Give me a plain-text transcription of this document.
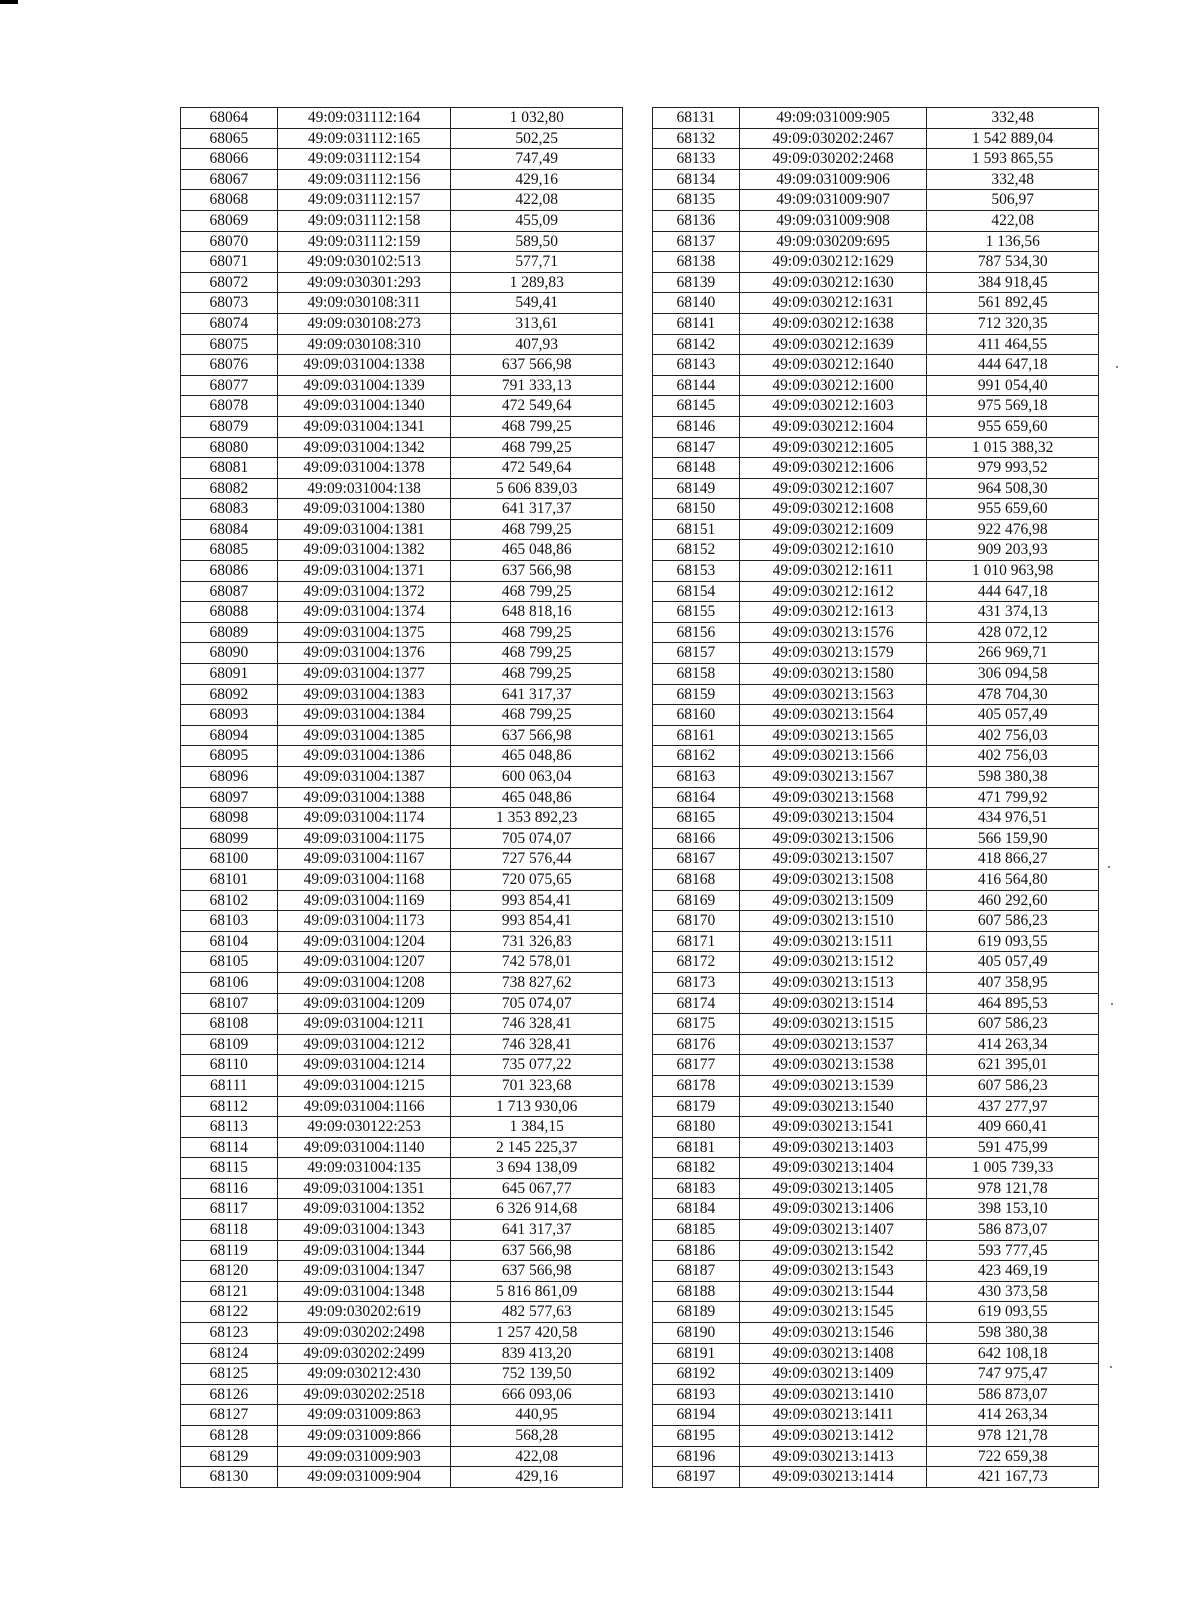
68064	49:09:031112:164	1 032,80
68065	49:09:031112:165	502,25
68066	49:09:031112:154	747,49
68067	49:09:031112:156	429,16
68068	49:09:031112:157	422,08
68069	49:09:031112:158	455,09
68070	49:09:031112:159	589,50
68071	49:09:030102:513	577,71
68072	49:09:030301:293	1 289,83
68073	49:09:030108:311	549,41
68074	49:09:030108:273	313,61
68075	49:09:030108:310	407,93
68076	49:09:031004:1338	637 566,98
68077	49:09:031004:1339	791 333,13
68078	49:09:031004:1340	472 549,64
68079	49:09:031004:1341	468 799,25
68080	49:09:031004:1342	468 799,25
68081	49:09:031004:1378	472 549,64
68082	49:09:031004:138	5 606 839,03
68083	49:09:031004:1380	641 317,37
68084	49:09:031004:1381	468 799,25
68085	49:09:031004:1382	465 048,86
68086	49:09:031004:1371	637 566,98
68087	49:09:031004:1372	468 799,25
68088	49:09:031004:1374	648 818,16
68089	49:09:031004:1375	468 799,25
68090	49:09:031004:1376	468 799,25
68091	49:09:031004:1377	468 799,25
68092	49:09:031004:1383	641 317,37
68093	49:09:031004:1384	468 799,25
68094	49:09:031004:1385	637 566,98
68095	49:09:031004:1386	465 048,86
68096	49:09:031004:1387	600 063,04
68097	49:09:031004:1388	465 048,86
68098	49:09:031004:1174	1 353 892,23
68099	49:09:031004:1175	705 074,07
68100	49:09:031004:1167	727 576,44
68101	49:09:031004:1168	720 075,65
68102	49:09:031004:1169	993 854,41
68103	49:09:031004:1173	993 854,41
68104	49:09:031004:1204	731 326,83
68105	49:09:031004:1207	742 578,01
68106	49:09:031004:1208	738 827,62
68107	49:09:031004:1209	705 074,07
68108	49:09:031004:1211	746 328,41
68109	49:09:031004:1212	746 328,41
68110	49:09:031004:1214	735 077,22
68111	49:09:031004:1215	701 323,68
68112	49:09:031004:1166	1 713 930,06
68113	49:09:030122:253	1 384,15
68114	49:09:031004:1140	2 145 225,37
68115	49:09:031004:135	3 694 138,09
68116	49:09:031004:1351	645 067,77
68117	49:09:031004:1352	6 326 914,68
68118	49:09:031004:1343	641 317,37
68119	49:09:031004:1344	637 566,98
68120	49:09:031004:1347	637 566,98
68121	49:09:031004:1348	5 816 861,09
68122	49:09:030202:619	482 577,63
68123	49:09:030202:2498	1 257 420,58
68124	49:09:030202:2499	839 413,20
68125	49:09:030212:430	752 139,50
68126	49:09:030202:2518	666 093,06
68127	49:09:031009:863	440,95
68128	49:09:031009:866	568,28
68129	49:09:031009:903	422,08
68130	49:09:031009:904	429,16
68131	49:09:031009:905	332,48
68132	49:09:030202:2467	1 542 889,04
68133	49:09:030202:2468	1 593 865,55
68134	49:09:031009:906	332,48
68135	49:09:031009:907	506,97
68136	49:09:031009:908	422,08
68137	49:09:030209:695	1 136,56
68138	49:09:030212:1629	787 534,30
68139	49:09:030212:1630	384 918,45
68140	49:09:030212:1631	561 892,45
68141	49:09:030212:1638	712 320,35
68142	49:09:030212:1639	411 464,55
68143	49:09:030212:1640	444 647,18
68144	49:09:030212:1600	991 054,40
68145	49:09:030212:1603	975 569,18
68146	49:09:030212:1604	955 659,60
68147	49:09:030212:1605	1 015 388,32
68148	49:09:030212:1606	979 993,52
68149	49:09:030212:1607	964 508,30
68150	49:09:030212:1608	955 659,60
68151	49:09:030212:1609	922 476,98
68152	49:09:030212:1610	909 203,93
68153	49:09:030212:1611	1 010 963,98
68154	49:09:030212:1612	444 647,18
68155	49:09:030212:1613	431 374,13
68156	49:09:030213:1576	428 072,12
68157	49:09:030213:1579	266 969,71
68158	49:09:030213:1580	306 094,58
68159	49:09:030213:1563	478 704,30
68160	49:09:030213:1564	405 057,49
68161	49:09:030213:1565	402 756,03
68162	49:09:030213:1566	402 756,03
68163	49:09:030213:1567	598 380,38
68164	49:09:030213:1568	471 799,92
68165	49:09:030213:1504	434 976,51
68166	49:09:030213:1506	566 159,90
68167	49:09:030213:1507	418 866,27
68168	49:09:030213:1508	416 564,80
68169	49:09:030213:1509	460 292,60
68170	49:09:030213:1510	607 586,23
68171	49:09:030213:1511	619 093,55
68172	49:09:030213:1512	405 057,49
68173	49:09:030213:1513	407 358,95
68174	49:09:030213:1514	464 895,53
68175	49:09:030213:1515	607 586,23
68176	49:09:030213:1537	414 263,34
68177	49:09:030213:1538	621 395,01
68178	49:09:030213:1539	607 586,23
68179	49:09:030213:1540	437 277,97
68180	49:09:030213:1541	409 660,41
68181	49:09:030213:1403	591 475,99
68182	49:09:030213:1404	1 005 739,33
68183	49:09:030213:1405	978 121,78
68184	49:09:030213:1406	398 153,10
68185	49:09:030213:1407	586 873,07
68186	49:09:030213:1542	593 777,45
68187	49:09:030213:1543	423 469,19
68188	49:09:030213:1544	430 373,58
68189	49:09:030213:1545	619 093,55
68190	49:09:030213:1546	598 380,38
68191	49:09:030213:1408	642 108,18
68192	49:09:030213:1409	747 975,47
68193	49:09:030213:1410	586 873,07
68194	49:09:030213:1411	414 263,34
68195	49:09:030213:1412	978 121,78
68196	49:09:030213:1413	722 659,38
68197	49:09:030213:1414	421 167,73
